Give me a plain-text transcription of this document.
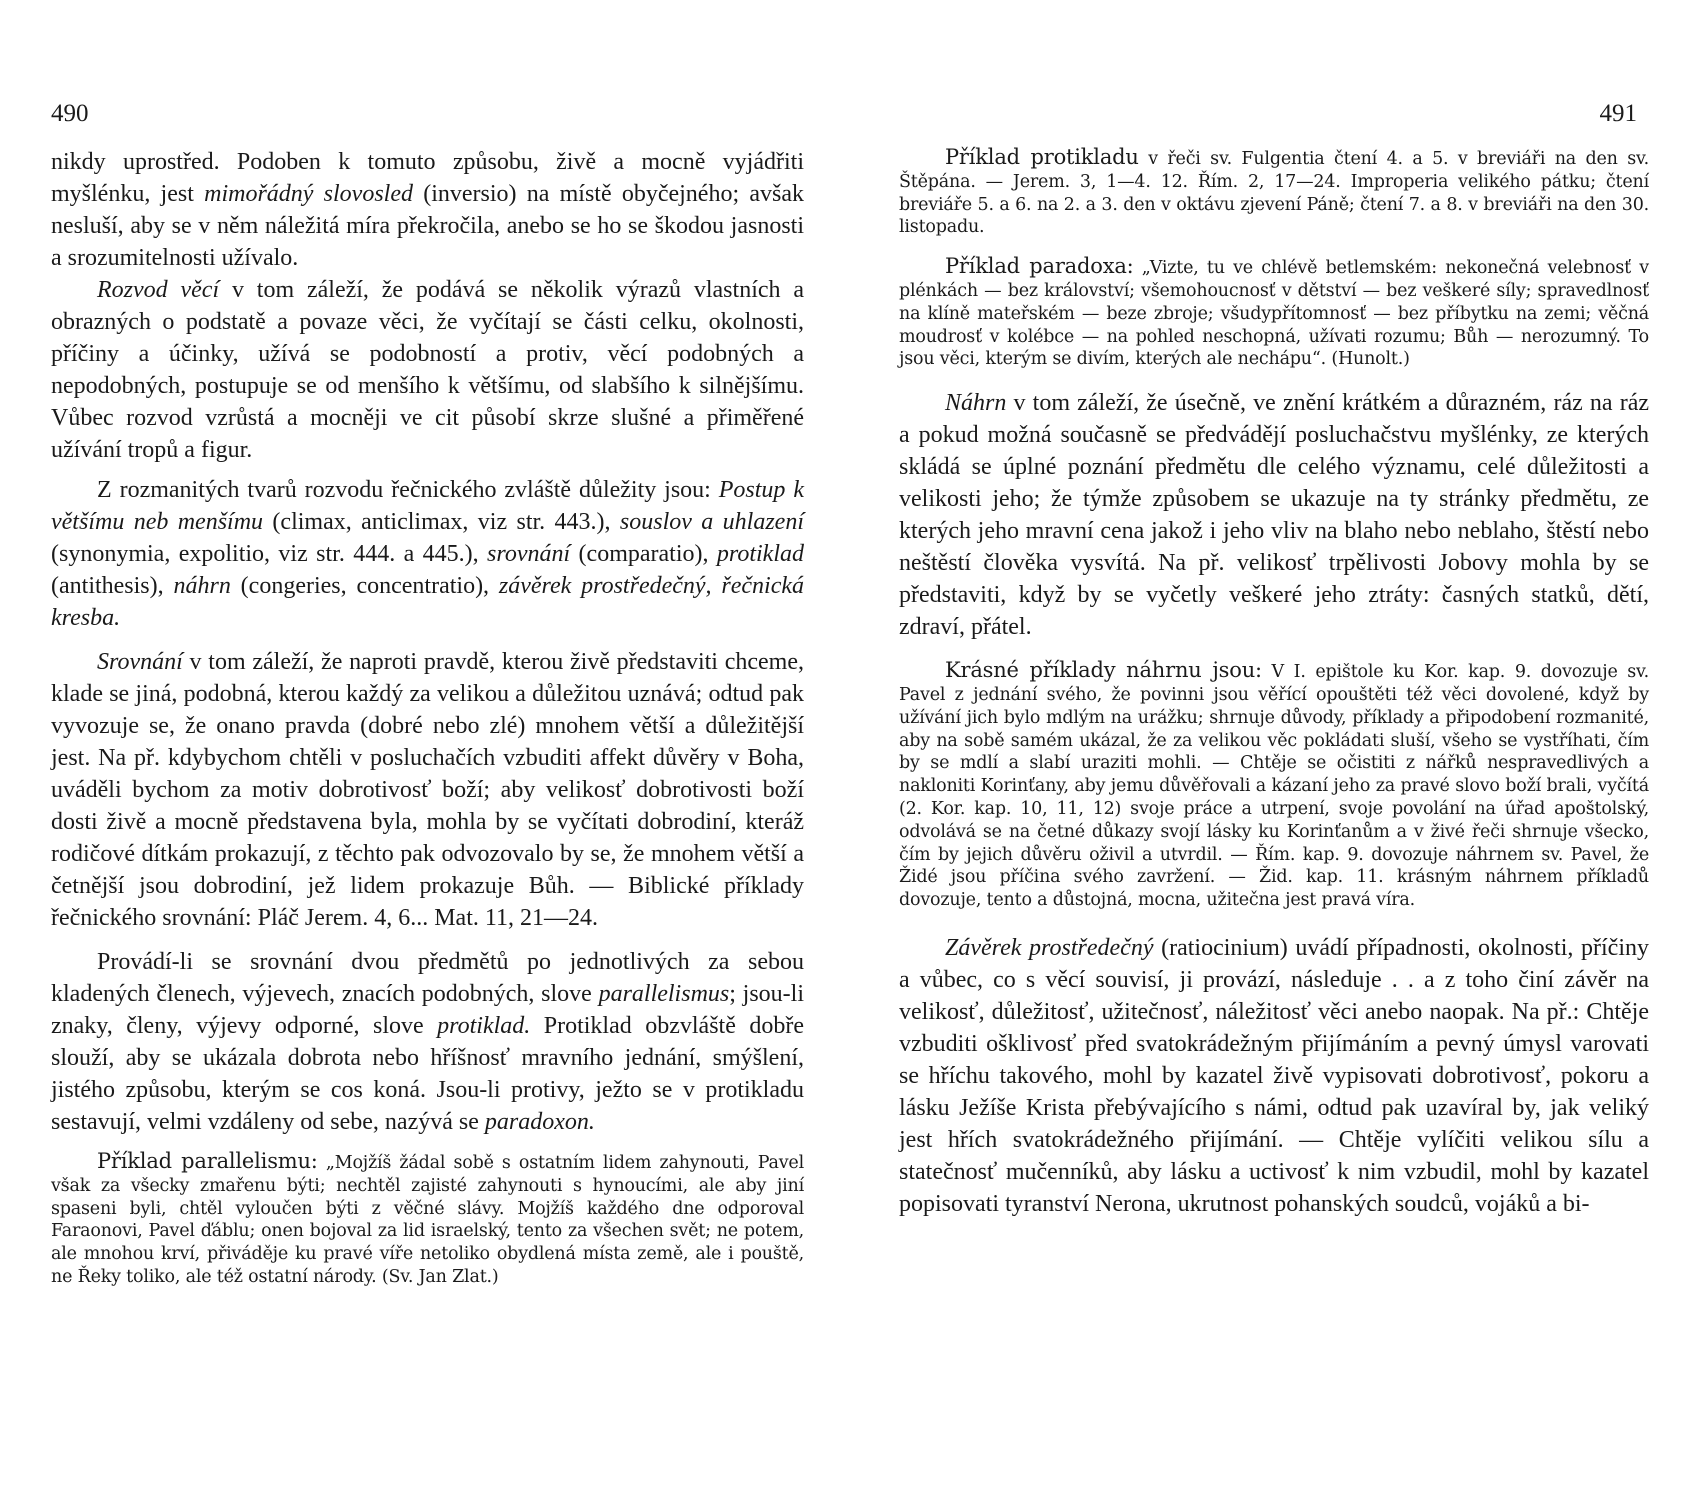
490

nikdy uprostřed. Podoben k tomuto způsobu, živě a mocně vyjádřiti myšlénku, jest mimořádný slovosled (inversio) na místě obyčejného; avšak nesluší, aby se v něm náležitá míra překročila, anebo se ho se škodou jasnosti a srozumitelnosti užívalo.

Rozvod věcí v tom záleží, že podává se několik výrazů vlastních a obrazných o podstatě a povaze věci, že vyčítají se části celku, okolnosti, příčiny a účinky, užívá se podobností a protiv, věcí podobných a nepodobných, postupuje se od menšího k většímu, od slabšího k silnějšímu. Vůbec rozvod vzrůstá a mocněji ve cit působí skrze slušné a přiměřené užívání tropů a figur.

Z rozmanitých tvarů rozvodu řečnického zvláště důležity jsou: Postup k většímu neb menšímu (climax, anticlimax, viz str. 443.), souslov a uhlazení (synonymia, expolitio, viz str. 444. a 445.), srovnání (comparatio), protiklad (antithesis), náhrn (congeries, concentratio), závěrek prostředečný, řečnická kresba.

Srovnání v tom záleží, že naproti pravdě, kterou živě představiti chceme, klade se jiná, podobná, kterou každý za velikou a důležitou uznává; odtud pak vyvozuje se, že onano pravda (dobré nebo zlé) mnohem větší a důležitější jest. Na př. kdybychom chtěli v posluchačích vzbuditi affekt důvěry v Boha, uváděli bychom za motiv dobrotivosť boží; aby velikosť dobrotivosti boží dosti živě a mocně představena byla, mohla by se vyčítati dobrodiní, kteráž rodičové dítkám prokazují, z těchto pak odvozovalo by se, že mnohem větší a četnější jsou dobrodiní, jež lidem prokazuje Bůh. — Biblické příklady řečnického srovnání: Pláč Jerem. 4, 6... Mat. 11, 21—24.

Provádí-li se srovnání dvou předmětů po jednotlivých za sebou kladených členech, výjevech, znacích podobných, slove parallelismus; jsou-li znaky, členy, výjevy odporné, slove protiklad. Protiklad obzvláště dobře slouží, aby se ukázala dobrota nebo hříšnosť mravního jednání, smýšlení, jistého způsobu, kterým se cos koná. Jsou-li protivy, ježto se v protikladu sestavují, velmi vzdáleny od sebe, nazývá se paradoxon.

Příklad parallelismu: „Mojžíš žádal sobě s ostatním lidem zahynouti, Pavel však za všecky zmařenu býti; nechtěl zajisté zahynouti s hynoucími, ale aby jiní spaseni byli, chtěl vyloučen býti z věčné slávy. Mojžíš každého dne odporoval Faraonovi, Pavel ďáblu; onen bojoval za lid israelský, tento za všechen svět; ne potem, ale mnohou krví, přiváděje ku pravé víře netoliko obydlená místa země, ale i pouště, ne Řeky toliko, ale též ostatní národy. (Sv. Jan Zlat.)

491

Příklad protikladu v řeči sv. Fulgentia čtení 4. a 5. v breviáři na den sv. Štěpána. — Jerem. 3, 1—4. 12. Řím. 2, 17—24. Improperia velikého pátku; čtení breviáře 5. a 6. na 2. a 3. den v oktávu zjevení Páně; čtení 7. a 8. v breviáři na den 30. listopadu.

Příklad paradoxa: „Vizte, tu ve chlévě betlemském: nekonečná velebnosť v plénkách — bez království; všemohoucnosť v dětství — bez veškeré síly; spravedlnosť na klíně mateřském — beze zbroje; všudypřítomnosť — bez příbytku na zemi; věčná moudrosť v kolébce — na pohled neschopná, užívati rozumu; Bůh — nerozumný. To jsou věci, kterým se divím, kterých ale nechápu“. (Hunolt.)

Náhrn v tom záleží, že úsečně, ve znění krátkém a důrazném, ráz na ráz a pokud možná současně se předvádějí posluchačstvu myšlénky, ze kterých skládá se úplné poznání předmětu dle celého významu, celé důležitosti a velikosti jeho; že týmže způsobem se ukazuje na ty stránky předmětu, ze kterých jeho mravní cena jakož i jeho vliv na blaho nebo neblaho, štěstí nebo neštěstí člověka vysvítá. Na př. velikosť trpělivosti Jobovy mohla by se představiti, když by se vyčetly veškeré jeho ztráty: časných statků, dětí, zdraví, přátel.

Krásné příklady náhrnu jsou: V I. epištole ku Kor. kap. 9. dovozuje sv. Pavel z jednání svého, že povinni jsou věřící opouštěti též věci dovolené, když by užívání jich bylo mdlým na urážku; shrnuje důvody, příklady a připodobení rozmanité, aby na sobě samém ukázal, že za velikou věc pokládati sluší, všeho se vystříhati, čím by se mdlí a slabí uraziti mohli. — Chtěje se očistiti z nářků nespravedlivých a nakloniti Korinťany, aby jemu důvěřovali a kázaní jeho za pravé slovo boží brali, vyčítá (2. Kor. kap. 10, 11, 12) svoje práce a utrpení, svoje povolání na úřad apoštolský, odvolává se na četné důkazy svojí lásky ku Korinťanům a v živé řeči shrnuje všecko, čím by jejich důvěru oživil a utvrdil. — Řím. kap. 9. dovozuje náhrnem sv. Pavel, že Židé jsou příčina svého zavržení. — Žid. kap. 11. krásným náhrnem příkladů dovozuje, tento a důstojná, mocna, užitečna jest pravá víra.

Závěrek prostředečný (ratiocinium) uvádí případnosti, okolnosti, příčiny a vůbec, co s věcí souvisí, ji provází, následuje . . a z toho činí závěr na velikosť, důležitosť, užitečnosť, náležitosť věci anebo naopak. Na př.: Chtěje vzbuditi ošklivosť před svatokrádežným přijímáním a pevný úmysl varovati se hříchu takového, mohl by kazatel živě vypisovati dobrotivosť, pokoru a lásku Ježíše Krista přebývajícího s námi, odtud pak uzavíral by, jak veliký jest hřích svatokrádežného přijímání. — Chtěje vylíčiti velikou sílu a statečnosť mučenníků, aby lásku a uctivosť k nim vzbudil, mohl by kazatel popisovati tyranství Nerona, ukrutnost pohanských soudců, vojáků a bi-
